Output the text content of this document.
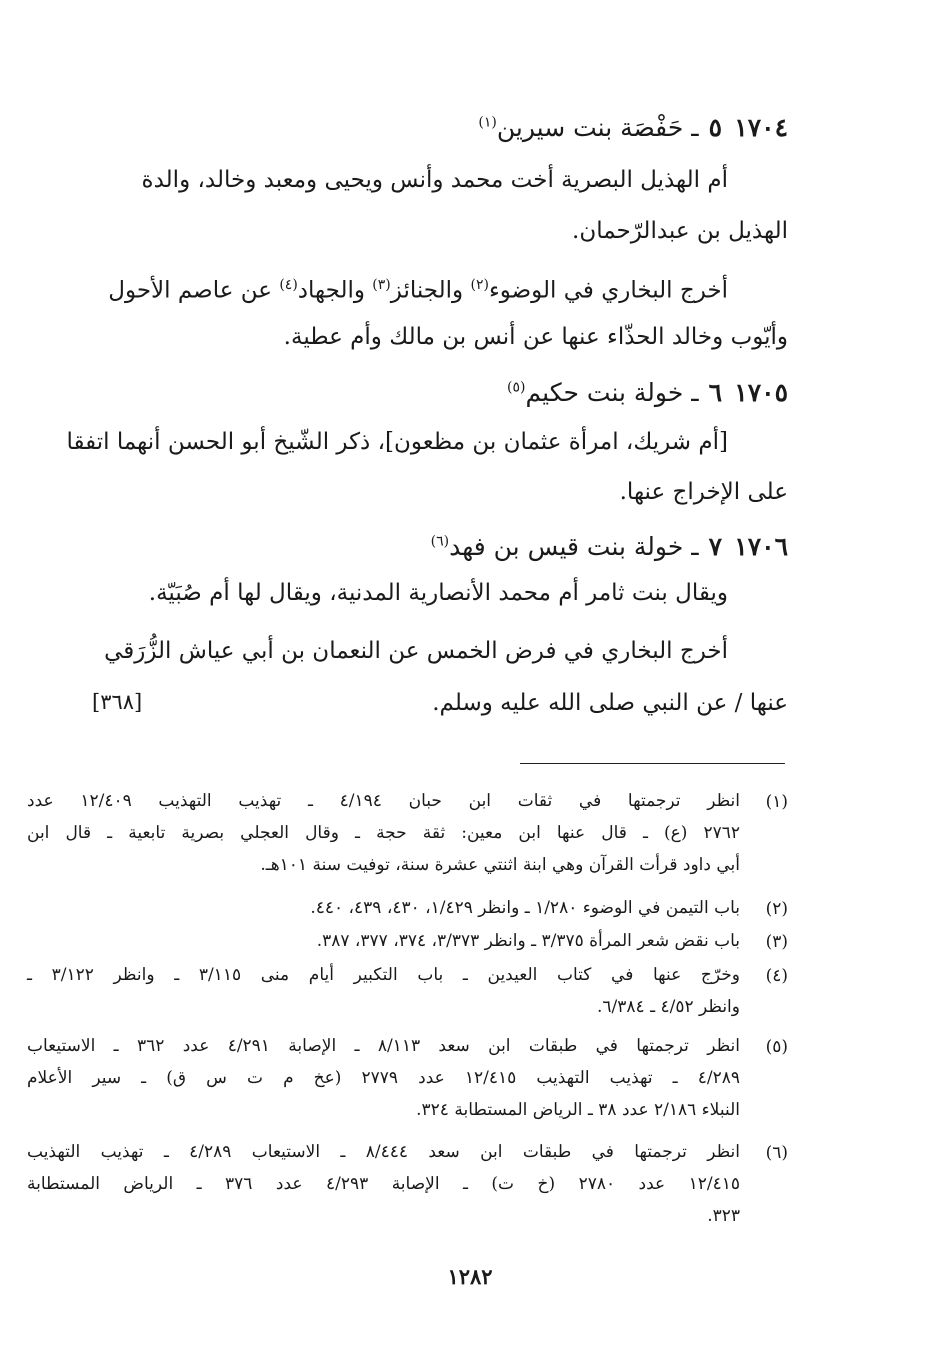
١٧٠٤٥ـ حَفْصَة بنت سيرين$^{(١)}$
أم الهذيل البصرية أخت محمد وأنس ويحيى ومعبد وخالد، والدة
الهذيل بن عبدالرّحمان.
أخرج البخاري في الوضوء$^{(٢)}$ والجنائز$^{(٣)}$ والجهاد$^{(٤)}$ عن عاصم الأحول
وأيّوب وخالد الحذّاء عنها عن أنس بن مالك وأم عطية.
١٧٠٥٦ـ خولة بنت حكيم$^{(٥)}$
[أم شريك، امرأة عثمان بن مظعون]، ذكر الشّيخ أبو الحسن أنهما اتفقا
على الإخراج عنها.
١٧٠٦٧ـ خولة بنت قيس بن فهد$^{(٦)}$
ويقال بنت ثامر أم محمد الأنصارية المدنية، ويقال لها أم صُبَيّة.
أخرج البخاري في فرض الخمس عن النعمان بن أبي عياش الزُّرَقي
عنها / عن النبي صلى الله عليه وسلم.
[٣٦٨]
(١)
انظر ترجمتها في ثقات ابن حبان ٤/١٩٤ ـ تهذيب التهذيب ١٢/٤٠٩ عدد
٢٧٦٢ (ع) ـ قال عنها ابن معين: ثقة حجة ـ وقال العجلي بصرية تابعية ـ قال ابن
أبي داود قرأت القرآن وهي ابنة اثنتي عشرة سنة، توفيت سنة ١٠١هـ.
(٢)
باب التيمن في الوضوء ١/٢٨٠ ـ وانظر ١/٤٢٩، ٤٣٠، ٤٣٩، ٤٤٠.
(٣)
باب نقض شعر المرأة ٣/٣٧٥ ـ وانظر ٣/٣٧٣، ٣٧٤، ٣٧٧، ٣٨٧.
(٤)
وخرّج عنها في كتاب العيدين ـ باب التكبير أيام منى ٣/١١٥ ـ وانظر ٣/١٢٢ ـ
وانظر ٤/٥٢ ـ ٦/٣٨٤.
(٥)
انظر ترجمتها في طبقات ابن سعد ٨/١١٣ ـ الإصابة ٤/٢٩١ عدد ٣٦٢ ـ الاستيعاب
٤/٢٨٩ ـ تهذيب التهذيب ١٢/٤١٥ عدد ٢٧٧٩ (عخ م ت س ق) ـ سير الأعلام
النبلاء ٢/١٨٦ عدد ٣٨ ـ الرياض المستطابة ٣٢٤.
(٦)
انظر ترجمتها في طبقات ابن سعد ٨/٤٤٤ ـ الاستيعاب ٤/٢٨٩ ـ تهذيب التهذيب
١٢/٤١٥ عدد ٢٧٨٠ (خ ت) ـ الإصابة ٤/٢٩٣ عدد ٣٧٦ ـ الرياض المستطابة
٣٢٣.
١٢٨٢
